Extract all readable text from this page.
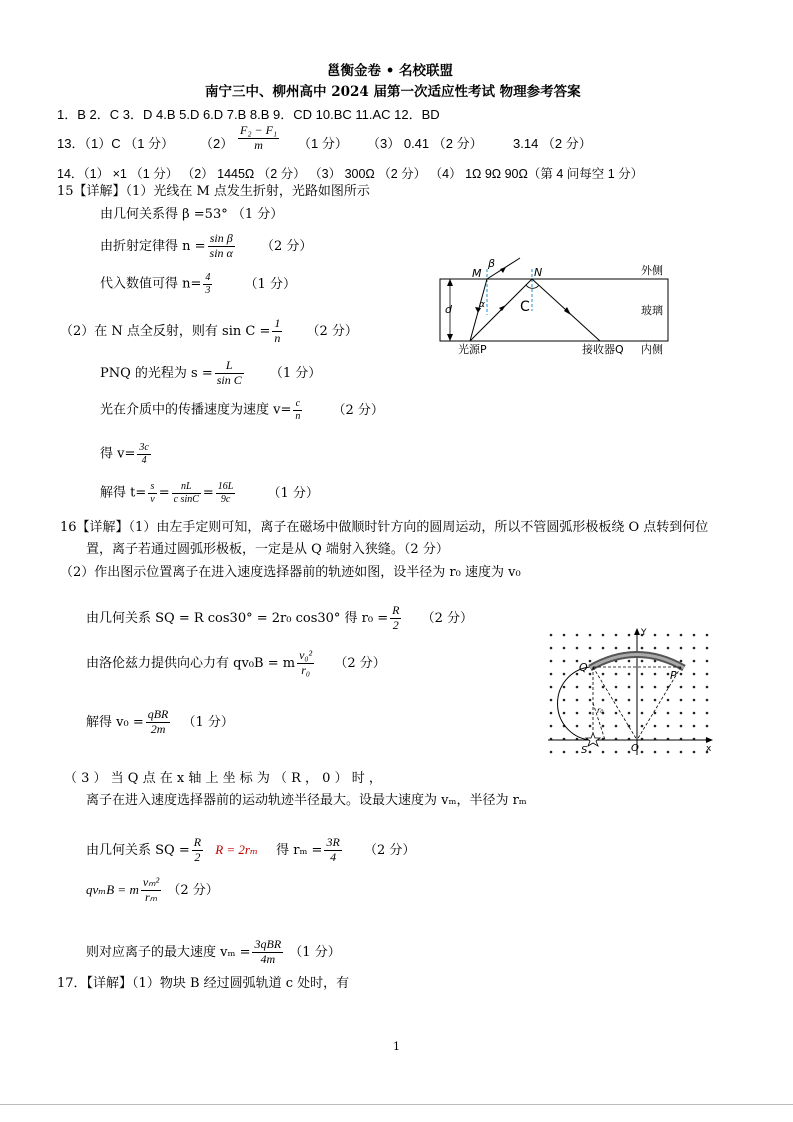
邕衡金卷 • 名校联盟
南宁三中、柳州高中 2024 届第一次适应性考试 物理参考答案
1．B 2．C 3．D 4.B 5.D 6.D 7.B 8.B 9．CD 10.BC 11.AC 12．BD
13．（1）C （1 分） $(2) \frac{\text{F₂ − F₁}}{m} (1$ 分） （3） 0.41 （2 分） 3.14 （2 分）
14．（1） ×1 （1 分） （2） 1445Ω （2 分） （3） 300Ω （2 分） （4） 1Ω 9Ω 90Ω（第 4 问每空 1 分）
15【详解】（1）光线在 M 点发生折射，光路如图所示
由几何关系得 β =53° （1 分）
由折射定律得 $n = \frac{\text{sin β}}{\text{sin α}} (2$ 分）
代入数值可得 $n= \frac{4}{3} (1$ 分）
（2）在 N 点全反射，则有 $\sin C = \frac{1}{n} (2$ 分）
PNQ 的光程为 $s = \frac{L}{\text{sin C}} (1$ 分）
光在介质中的传播速度为速度 $v= \frac{c}{n} (2$ 分）
得 $v= \frac{3c}{4}$
解得 $t= \frac{s}{v} = \frac{nL}{\text{c sinC}} = \frac{16L}{9c} (1$ 分）
d	C
β
α
M	N	外侧
玻璃
内侧
光源P	接收器Q
16【详解】（1）由左手定则可知，离子在磁场中做顺时针方向的圆周运动，所以不管圆弧形极板绕 O 点转到何位
置，离子若通过圆弧形极板，一定是从 Q 端射入狭缝。（2 分）
（2）作出图示位置离子在进入速度选择器前的轨迹如图，设半径为 r₀ 速度为 v₀
由几何关系 SQ = R cos30° = 2r₀ cos30° 得 $r_0 = \frac{R}{2} (2$ 分）
由洛伦兹力提供向心力有 qv₀B = m $\frac{\text{v₀²}}{\text{r₀}} (2$ 分）
解得 $v_0 = \frac{\text{qBR}}{2m} (1$ 分）
（ 3 ） 当 Q 点 在 x 轴 上 坐 标 为 （ R ， 0 ） 时 ，
离子在进入速度选择器前的运动轨迹半径最大。设最大速度为 vₘ，半径为 rₘ
由几何关系 SQ = $\frac{R}{2}$ R = 2rₘ 得 $r_m = \frac{3R}{4} (2$ 分）
qvₘB = m $\frac{\text{vₘ²}}{\text{rₘ}} (2$ 分）
则对应离子的最大速度 $v_m = \frac{\text{3qBR}}{4m} (1$ 分）
Y
x
O
Q
P
S
r₀
17．【详解】（1）物块 B 经过圆弧轨道 c 处时，有
1
